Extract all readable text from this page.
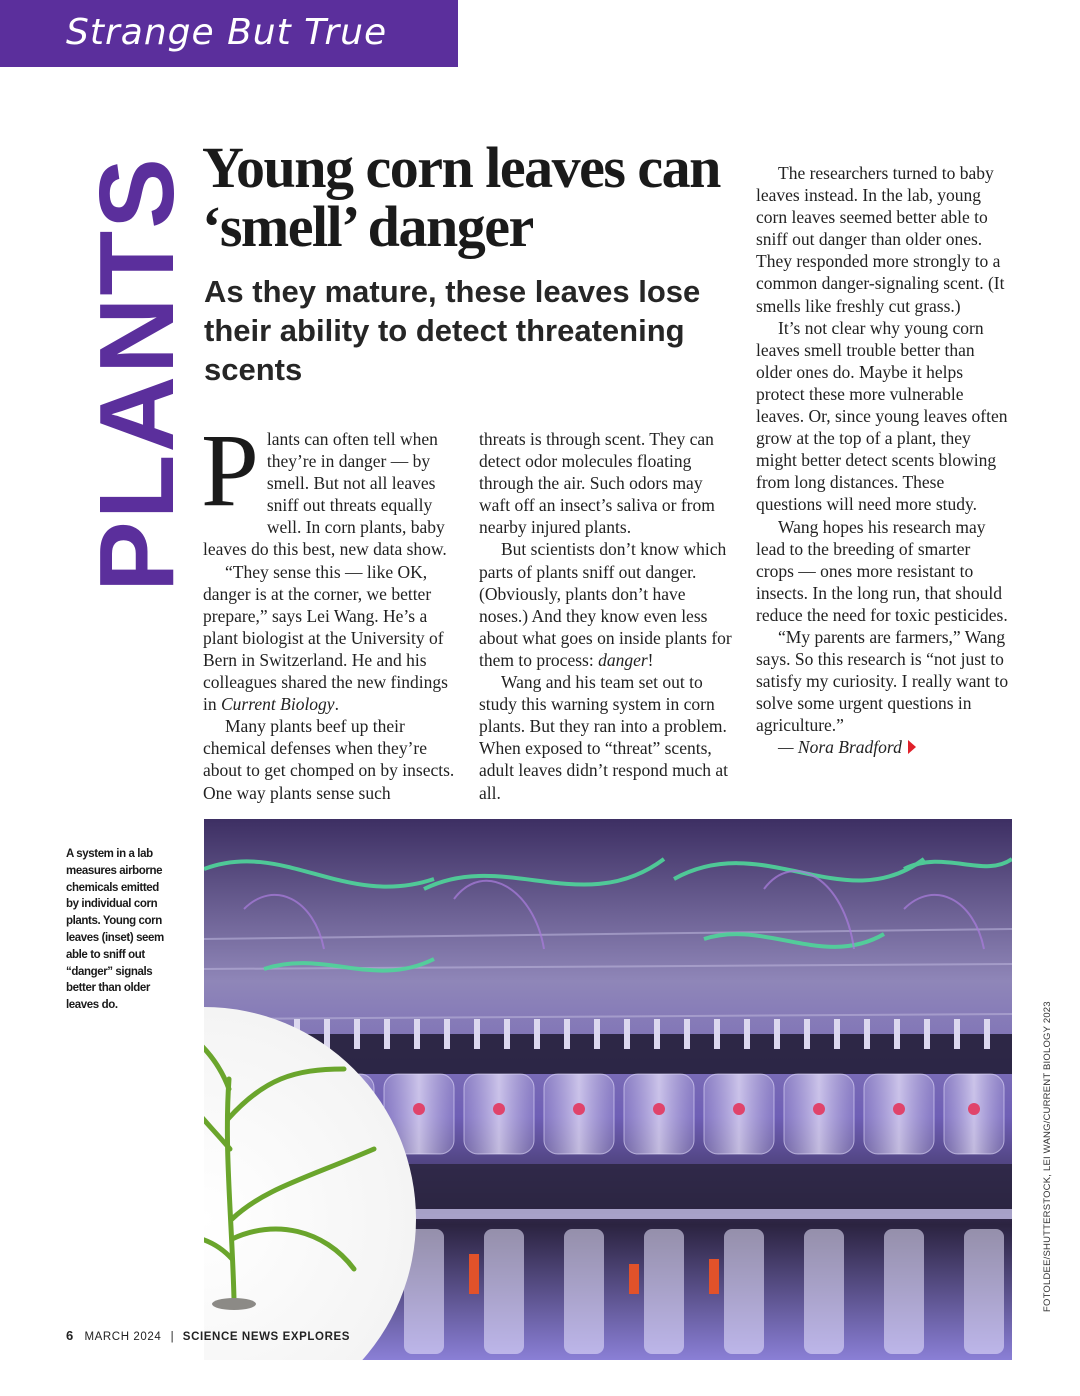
Strange But True
PLANTS Young corn leaves can ‘smell’ danger
As they mature, these leaves lose their ability to detect threatening scents

Plants can often tell when they’re in danger — by smell. But not all leaves sniff out threats equally well. In corn plants, baby leaves do this best, new data show.

“They sense this — like OK, danger is at the corner, we better prepare,” says Lei Wang. He’s a plant biologist at the University of Bern in Switzerland. He and his colleagues shared the new findings in Current Biology.

Many plants beef up their chemical defenses when they’re about to get chomped on by insects. One way plants sense such

threats is through scent. They can detect odor molecules floating through the air. Such odors may waft off an insect’s saliva or from nearby injured plants.

But scientists don’t know which parts of plants sniff out danger. (Obviously, plants don’t have noses.) And they know even less about what goes on inside plants for them to process: danger!

Wang and his team set out to study this warning system in corn plants. But they ran into a problem. When exposed to “threat” scents, adult leaves didn’t respond much at all.

The researchers turned to baby leaves instead. In the lab, young corn leaves seemed better able to sniff out danger than older ones. They responded more strongly to a common danger-signaling scent. (It smells like freshly cut grass.)

It’s not clear why young corn leaves smell trouble better than older ones do. Maybe it helps protect these more vulnerable leaves. Or, since young leaves often grow at the top of a plant, they might better detect scents blowing from long distances. These questions will need more study.

Wang hopes his research may lead to the breeding of smarter crops — ones more resistant to insects. In the long run, that should reduce the need for toxic pesticides.

“My parents are farmers,” Wang says. So this research is “not just to satisfy my curiosity. I really want to solve some urgent questions in agriculture.”

— Nora Bradford

A system in a lab measures airborne chemicals emitted by individual corn plants. Young corn leaves (inset) seem able to sniff out “danger” signals better than older leaves do.	FOTOLDEE/SHUTTERSTOCK, LEI WANG/CURRENT BIOLOGY 2023
6 MARCH 2024 | SCIENCE NEWS EXPLORES
